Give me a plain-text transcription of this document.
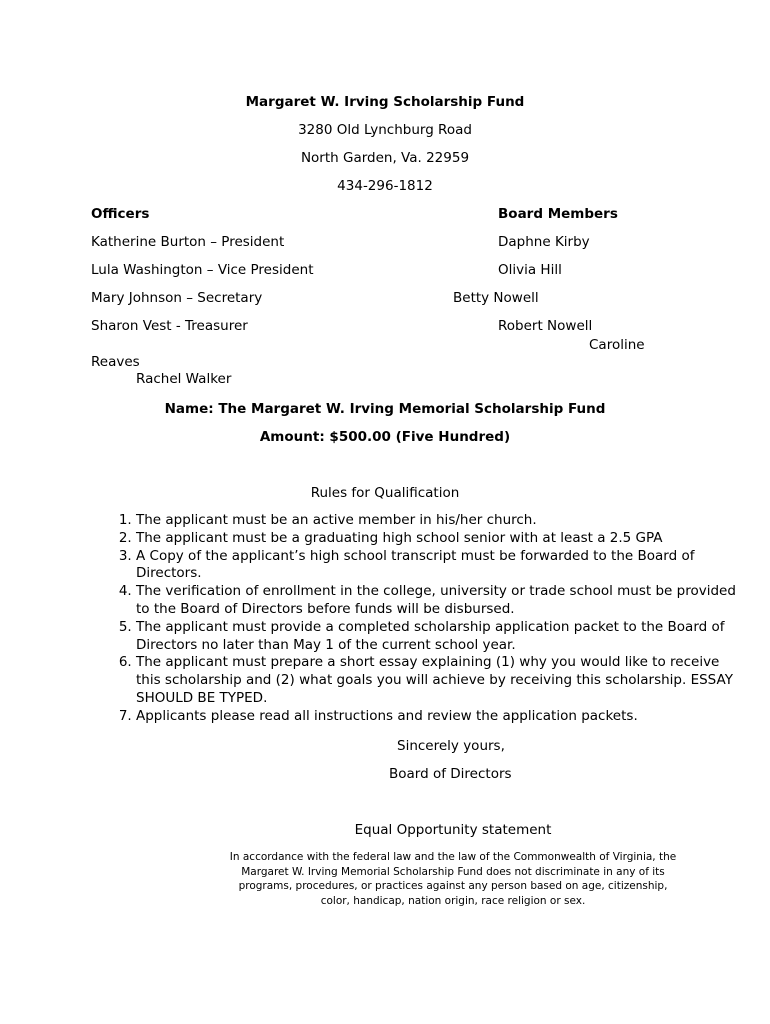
Margaret W. Irving Scholarship Fund
3280 Old Lynchburg Road
North Garden, Va. 22959
434-296-1812
Officers
Katherine Burton – President
Lula Washington – Vice President
Mary Johnson – Secretary
Sharon Vest - Treasurer
Board Members
Daphne Kirby
Olivia Hill
Betty Nowell
Robert Nowell
Caroline
Reaves
Rachel Walker
Name: The Margaret W. Irving Memorial Scholarship Fund
Amount: $500.00 (Five Hundred)
Rules for Qualification
1. The applicant must be an active member in his/her church.
2. The applicant must be a graduating high school senior with at least a 2.5 GPA
3. A Copy of the applicant’s high school transcript must be forwarded to the Board of Directors.
4. The verification of enrollment in the college, university or trade school must be provided to the Board of Directors before funds will be disbursed.
5. The applicant must provide a completed scholarship application packet to the Board of Directors no later than May 1 of the current school year.
6. The applicant must prepare a short essay explaining (1) why you would like to receive this scholarship and (2) what goals you will achieve by receiving this scholarship. ESSAY SHOULD BE TYPED.
7. Applicants please read all instructions and review the application packets.
Sincerely yours,
Board of Directors
Equal Opportunity statement
In accordance with the federal law and the law of the Commonwealth of Virginia, the Margaret W. Irving Memorial Scholarship Fund does not discriminate in any of its programs, procedures, or practices against any person based on age, citizenship, color, handicap, nation origin, race religion or sex.
